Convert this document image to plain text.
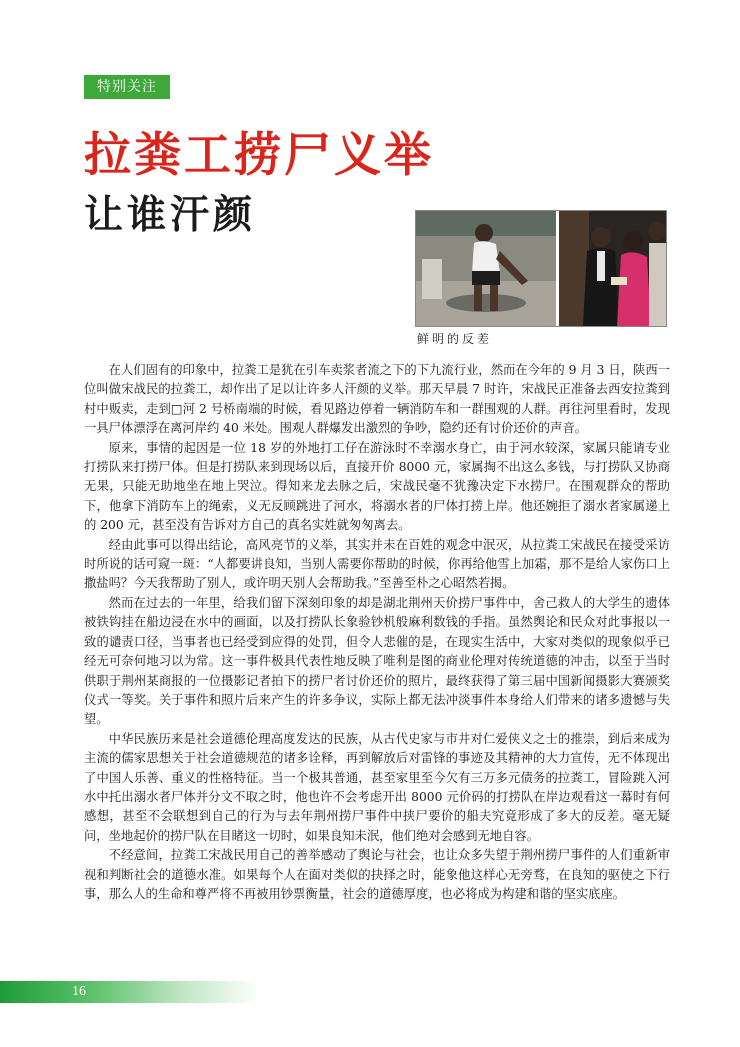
特别关注
拉粪工捞尸义举
让谁汗颜
鲜明的反差

在人们固有的印象中，拉粪工是犹在引车卖浆者流之下的下九流行业，然而在今年的 9 月 3 日，陕西一位叫做宋战民的拉粪工，却作出了足以让许多人汗颜的义举。那天早晨 7 时许，宋战民正准备去西安拉粪到村中贩卖，走到□河 2 号桥南端的时候，看见路边停着一辆消防车和一群围观的人群。再往河里看时，发现一具尸体漂浮在离河岸约 40 米处。围观人群爆发出激烈的争吵，隐约还有讨价还价的声音。

原来，事情的起因是一位 18 岁的外地打工仔在游泳时不幸溺水身亡，由于河水较深，家属只能请专业打捞队来打捞尸体。但是打捞队来到现场以后，直接开价 8000 元，家属掏不出这么多钱，与打捞队又协商无果，只能无助地坐在地上哭泣。得知来龙去脉之后，宋战民毫不犹豫决定下水捞尸。在围观群众的帮助下，他拿下消防车上的绳索，义无反顾跳进了河水，将溺水者的尸体打捞上岸。他还婉拒了溺水者家属递上的 200 元，甚至没有告诉对方自己的真名实姓就匆匆离去。

经由此事可以得出结论，高风亮节的义举，其实并未在百姓的观念中泯灭，从拉粪工宋战民在接受采访时所说的话可窥一斑：“人都要讲良知，当别人需要你帮助的时候，你再给他雪上加霜，那不是给人家伤口上撒盐吗？今天我帮助了别人，或许明天别人会帮助我。”至善至朴之心昭然若揭。

然而在过去的一年里，给我们留下深刻印象的却是湖北荆州天价捞尸事件中，舍己救人的大学生的遗体被铁钩挂在船边浸在水中的画面，以及打捞队长象验钞机般麻利数钱的手指。虽然舆论和民众对此事报以一致的谴责口径，当事者也已经受到应得的处罚，但令人悲催的是，在现实生活中，大家对类似的现象似乎已经无可奈何地习以为常。这一事件极具代表性地反映了唯利是图的商业伦理对传统道德的冲击，以至于当时供职于荆州某商报的一位摄影记者拍下的捞尸者讨价还价的照片，最终获得了第三届中国新闻摄影大赛颁奖仪式一等奖。关于事件和照片后来产生的许多争议，实际上都无法冲淡事件本身给人们带来的诸多遗憾与失望。

中华民族历来是社会道德伦理高度发达的民族，从古代史家与市井对仁爱侠义之士的推崇，到后来成为主流的儒家思想关于社会道德规范的诸多诠释，再到解放后对雷锋的事迹及其精神的大力宣传，无不体现出了中国人乐善、重义的性格特征。当一个极其普通，甚至家里至今欠有三万多元债务的拉粪工，冒险跳入河水中托出溺水者尸体并分文不取之时，他也许不会考虑开出 8000 元价码的打捞队在岸边观看这一幕时有何感想，甚至不会联想到自己的行为与去年荆州捞尸事件中挟尸要价的船夫究竟形成了多大的反差。毫无疑问，坐地起价的捞尸队在目睹这一切时，如果良知未泯，他们绝对会感到无地自容。

不经意间，拉粪工宋战民用自己的善举感动了舆论与社会，也让众多失望于荆州捞尸事件的人们重新审视和判断社会的道德水准。如果每个人在面对类似的抉择之时，能象他这样心无旁骛，在良知的驱使之下行事，那么人的生命和尊严将不再被用钞票衡量，社会的道德厚度，也必将成为构建和谐的坚实底座。

16
